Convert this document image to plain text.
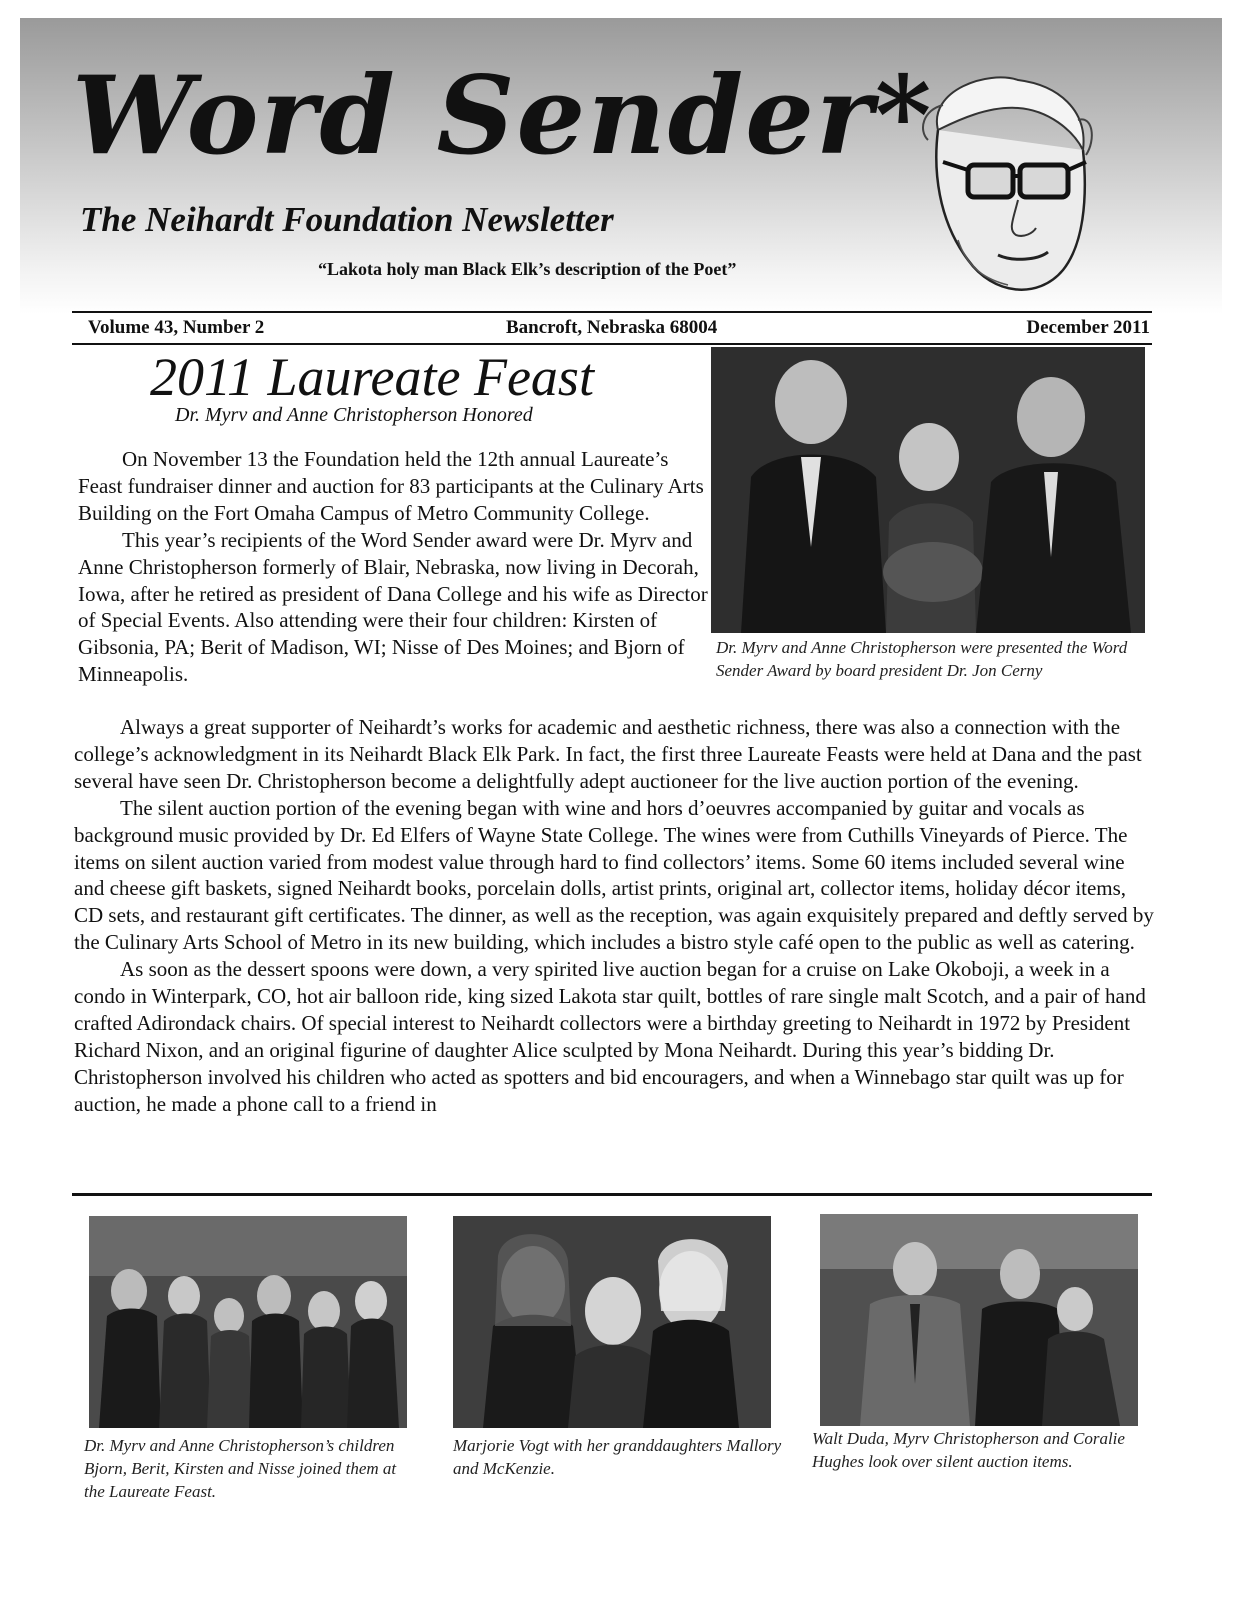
Word Sender*
The Neihardt Foundation Newsletter
“Lakota holy man Black Elk’s description of the Poet”
Volume 43, Number 2	Bancroft, Nebraska 68004	December 2011
2011 Laureate Feast
Dr. Myrv and Anne Christopherson Honored

On November 13 the Foundation held the 12th annual Laureate’s Feast fundraiser dinner and auction for 83 participants at the Culinary Arts Building on the Fort Omaha Campus of Metro Community College.

This year’s recipients of the Word Sender award were Dr. Myrv and Anne Christopherson formerly of Blair, Nebraska, now living in Decorah, Iowa, after he retired as president of Dana College and his wife as Director of Special Events. Also attending were their four children: Kirsten of Gibsonia, PA; Berit of Madison, WI; Nisse of Des Moines; and Bjorn of Minneapolis.

Dr. Myrv and Anne Christopherson were presented the Word Sender Award by board president Dr. Jon Cerny

Always a great supporter of Neihardt’s works for academic and aesthetic richness, there was also a connection with the college’s acknowledgment in its Neihardt Black Elk Park. In fact, the first three Laureate Feasts were held at Dana and the past several have seen Dr. Christopherson become a delightfully adept auctioneer for the live auction portion of the evening.

The silent auction portion of the evening began with wine and hors d’oeuvres accompanied by guitar and vocals as background music provided by Dr. Ed Elfers of Wayne State College. The wines were from Cuthills Vineyards of Pierce. The items on silent auction varied from modest value through hard to find collectors’ items. Some 60 items included several wine and cheese gift baskets, signed Neihardt books, porcelain dolls, artist prints, original art, collector items, holiday décor items, CD sets, and restaurant gift certificates. The dinner, as well as the reception, was again exquisitely prepared and deftly served by the Culinary Arts School of Metro in its new building, which includes a bistro style café open to the public as well as catering.

As soon as the dessert spoons were down, a very spirited live auction began for a cruise on Lake Okoboji, a week in a condo in Winterpark, CO, hot air balloon ride, king sized Lakota star quilt, bottles of rare single malt Scotch, and a pair of hand crafted Adirondack chairs. Of special interest to Neihardt collectors were a birthday greeting to Neihardt in 1972 by President Richard Nixon, and an original figurine of daughter Alice sculpted by Mona Neihardt. During this year’s bidding Dr. Christopherson involved his children who acted as spotters and bid encouragers, and when a Winnebago star quilt was up for auction, he made a phone call to a friend in

Dr. Myrv and Anne Christopherson’s children Bjorn, Berit, Kirsten and Nisse joined them at the Laureate Feast.

Marjorie Vogt with her granddaughters Mallory and McKenzie.

Walt Duda, Myrv Christopherson and Coralie Hughes look over silent auction items.
